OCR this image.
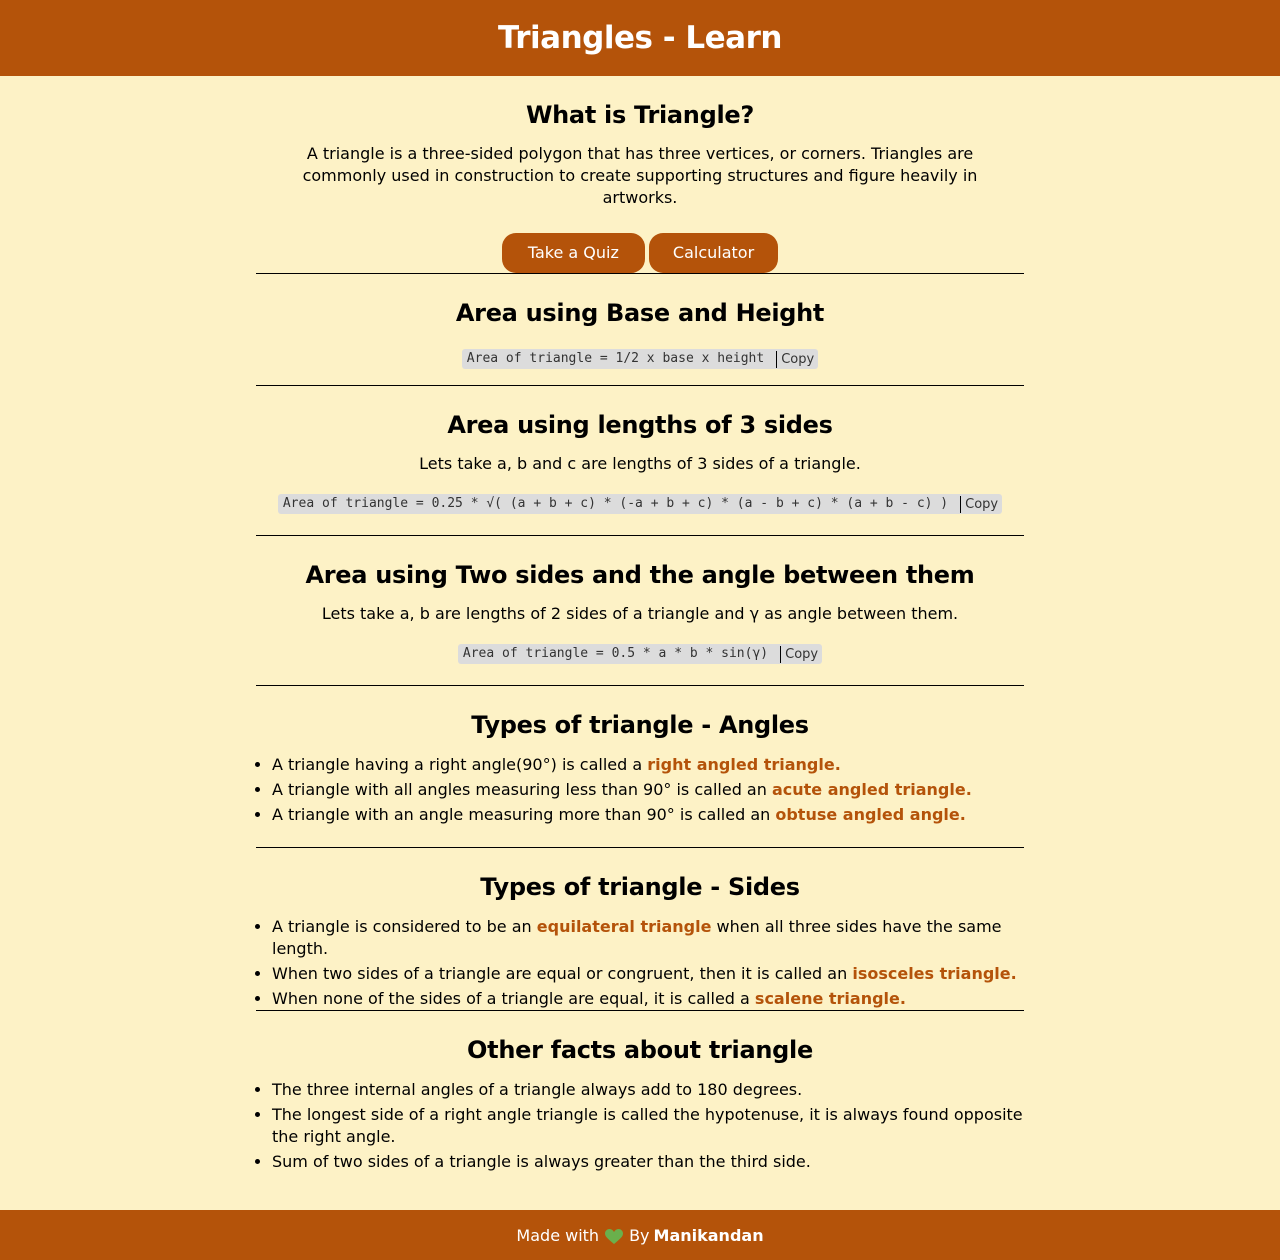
Triangles - Learn
What is Triangle?

A triangle is a three-sided polygon that has three vertices, or corners. Triangles are commonly used in construction to create supporting structures and figure heavily in artworks.

Take a Quiz	Calculator
Area using Base and Height
Area of triangle = 1/2 x base x height	Copy
Area using lengths of 3 sides

Lets take a, b and c are lengths of 3 sides of a triangle.

Area of triangle = 0.25 * √( (a + b + c) * (-a + b + c) * (a - b + c) * (a + b - c) )	Copy
Area using Two sides and the angle between them

Lets take a, b are lengths of 2 sides of a triangle and γ as angle between them.

Area of triangle = 0.5 * a * b * sin(γ)	Copy
Types of triangle - Angles
• A triangle having a right angle(90°) is called a right angled triangle.
• A triangle with all angles measuring less than 90° is called an acute angled triangle.
• A triangle with an angle measuring more than 90° is called an obtuse angled angle.
Types of triangle - Sides
• A triangle is considered to be an equilateral triangle when all three sides have the same length.
• When two sides of a triangle are equal or congruent, then it is called an isosceles triangle.
• When none of the sides of a triangle are equal, it is called a scalene triangle.
Other facts about triangle
• The three internal angles of a triangle always add to 180 degrees.
• The longest side of a right angle triangle is called the hypotenuse, it is always found opposite the right angle.
• Sum of two sides of a triangle is always greater than the third side.
Made with By Manikandan
